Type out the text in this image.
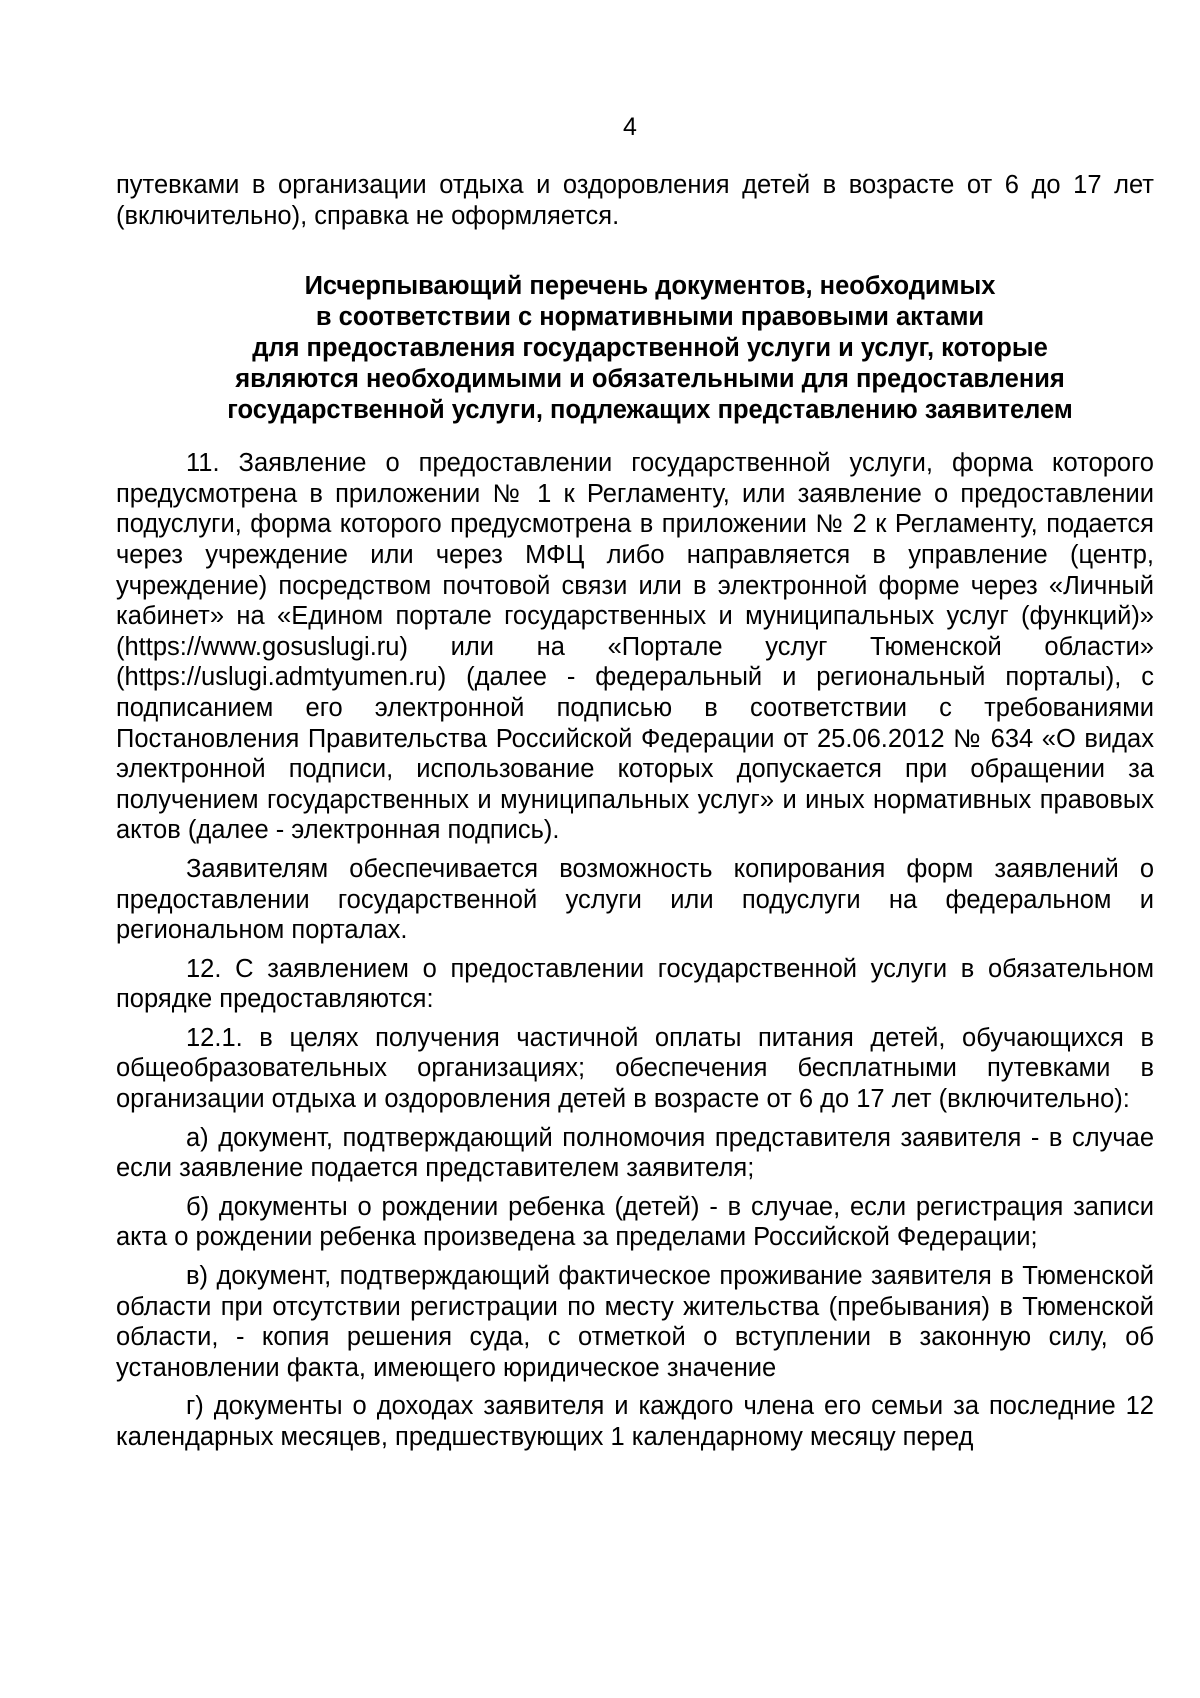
4

путевками в организации отдыха и оздоровления детей в возрасте от 6 до 17 лет (включительно), справка не оформляется.

Исчерпывающий перечень документов, необходимых
в соответствии с нормативными правовыми актами
для предоставления государственной услуги и услуг, которые
являются необходимыми и обязательными для предоставления
государственной услуги, подлежащих представлению заявителем

11. Заявление о предоставлении государственной услуги, форма которого предусмотрена в приложении № 1 к Регламенту, или заявление о предоставлении подуслуги, форма которого предусмотрена в приложении № 2 к Регламенту, подается через учреждение или через МФЦ либо направляется в управление (центр, учреждение) посредством почтовой связи или в электронной форме через «Личный кабинет» на «Едином портале государственных и муниципальных услуг (функций)» (https://www.gosuslugi.ru) или на «Портале услуг Тюменской области» (https://uslugi.admtyumen.ru) (далее - федеральный и региональный порталы), с подписанием его электронной подписью в соответствии с требованиями Постановления Правительства Российской Федерации от 25.06.2012 № 634 «О видах электронной подписи, использование которых допускается при обращении за получением государственных и муниципальных услуг» и иных нормативных правовых актов (далее - электронная подпись).

Заявителям обеспечивается возможность копирования форм заявлений о предоставлении государственной услуги или подуслуги на федеральном и региональном порталах.

12. С заявлением о предоставлении государственной услуги в обязательном порядке предоставляются:

12.1. в целях получения частичной оплаты питания детей, обучающихся в общеобразовательных организациях; обеспечения бесплатными путевками в организации отдыха и оздоровления детей в возрасте от 6 до 17 лет (включительно):

а) документ, подтверждающий полномочия представителя заявителя - в случае если заявление подается представителем заявителя;

б) документы о рождении ребенка (детей) - в случае, если регистрация записи акта о рождении ребенка произведена за пределами Российской Федерации;

в) документ, подтверждающий фактическое проживание заявителя в Тюменской области при отсутствии регистрации по месту жительства (пребывания) в Тюменской области, - копия решения суда, с отметкой о вступлении в законную силу, об установлении факта, имеющего юридическое значение

г) документы о доходах заявителя и каждого члена его семьи за последние 12 календарных месяцев, предшествующих 1 календарному месяцу перед
